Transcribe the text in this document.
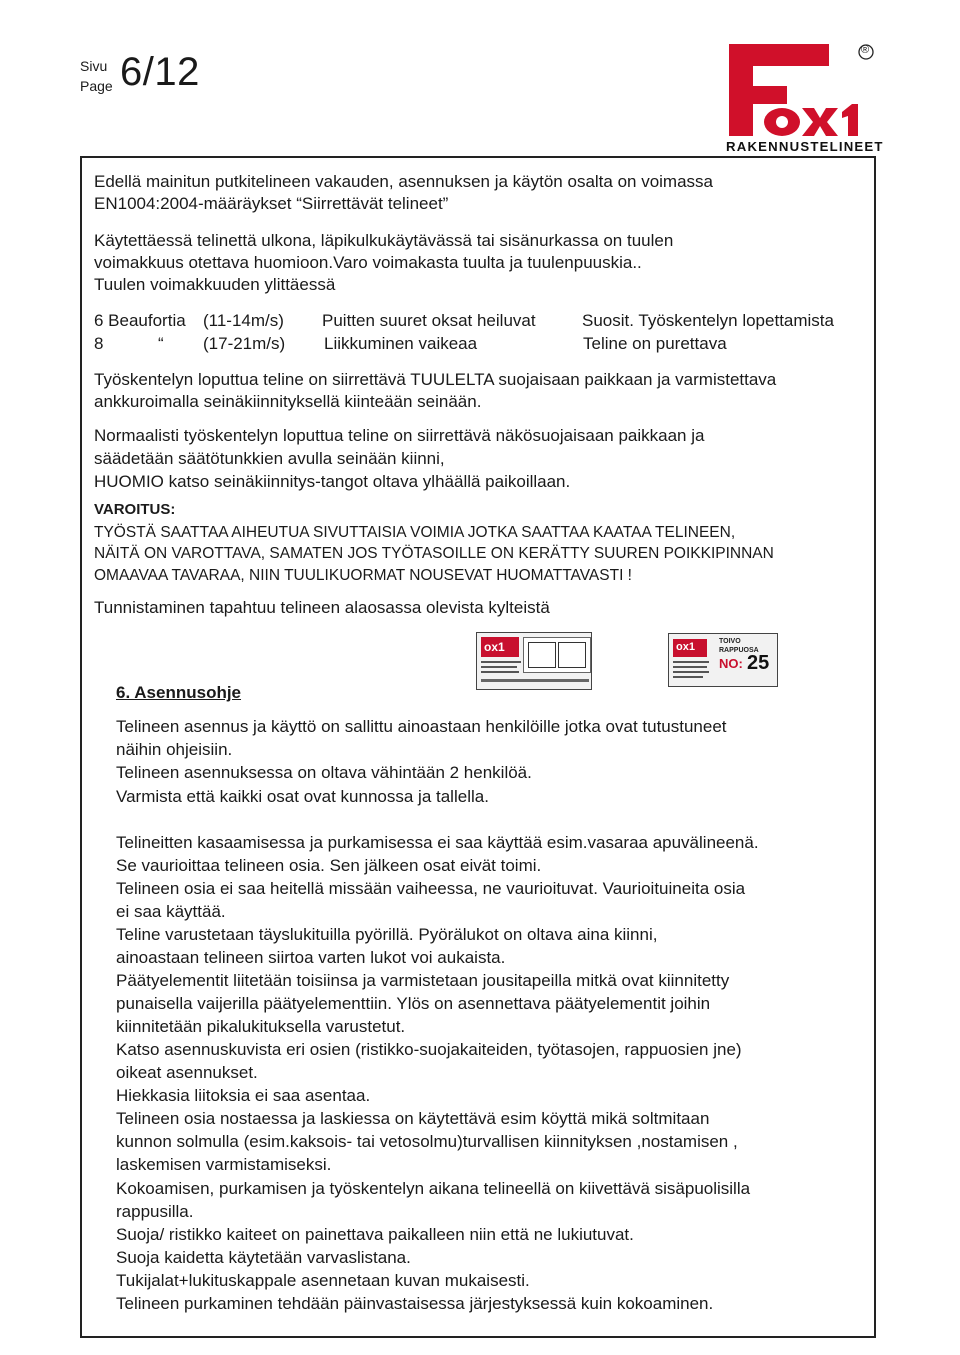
Sivu
Page 6/12	®
RAKENNUSTELINEET

Edellä mainitun putkitelineen vakauden, asennuksen ja käytön osalta on voimassa

EN1004:2004-määräykset “Siirrettävät telineet”

Käytettäessä telinettä ulkona, läpikulkukäytävässä tai sisänurkassa on tuulen

voimakkuus otettava huomioon.Varo voimakasta tuulta ja tuulenpuuskia..

Tuulen voimakkuuden ylittäessä

6 Beaufortia (11-14m/s) Puitten suuret oksat heiluvat	Suosit. Työskentelyn lopettamista
8	“ (17-21m/s) Liikkuminen vaikeaa	Teline on purettava

Työskentelyn loputtua teline on siirrettävä TUULELTA suojaisaan paikkaan ja varmistettava

ankkuroimalla seinäkiinnityksellä kiinteään seinään.

Normaalisti työskentelyn loputtua teline on siirrettävä näkösuojaisaan paikkaan ja

säädetään säätötunkkien avulla seinään kiinni,

HUOMIO katso seinäkiinnitys-tangot oltava ylhäällä paikoillaan.

VAROITUS:

TYÖSTÄ SAATTAA AIHEUTUA SIVUTTAISIA VOIMIA JOTKA SAATTAA KAATAA TELINEEN,

NÄITÄ ON VAROTTAVA, SAMATEN JOS TYÖTASOILLE ON KERÄTTY SUUREN POIKKIPINNAN

OMAAVAA TAVARAA, NIIN TUULIKUORMAT NOUSEVAT HUOMATTAVASTI !

Tunnistaminen tapahtuu telineen alaosassa olevista kylteistä

ox1	ox1	TOIVO
RAPPUOSA
NO: 25

6. Asennusohje

Telineen asennus ja käyttö on sallittu ainoastaan henkilöille jotka ovat tutustuneet

näihin ohjeisiin.

Telineen asennuksessa on oltava vähintään 2 henkilöä.

Varmista että kaikki osat ovat kunnossa ja tallella.

Telineitten kasaamisessa ja purkamisessa ei saa käyttää esim.vasaraa apuvälineenä.

Se vaurioittaa telineen osia. Sen jälkeen osat eivät toimi.

Telineen osia ei saa heitellä missään vaiheessa, ne vaurioituvat. Vaurioituineita osia

ei saa käyttää.

Teline varustetaan täyslukituilla pyörillä. Pyörälukot on oltava aina kiinni,

ainoastaan telineen siirtoa varten lukot voi aukaista.

Päätyelementit liitetään toisiinsa ja varmistetaan jousitapeilla mitkä ovat kiinnitetty

punaisella vaijerilla päätyelementtiin. Ylös on asennettava päätyelementit joihin

kiinnitetään pikalukituksella varustetut.

Katso asennuskuvista eri osien (ristikko-suojakaiteiden, työtasojen, rappuosien jne)

oikeat asennukset.

Hiekkasia liitoksia ei saa asentaa.

Telineen osia nostaessa ja laskiessa on käytettävä esim köyttä mikä soltmitaan

kunnon solmulla (esim.kaksois- tai vetosolmu)turvallisen kiinnityksen ,nostamisen ,

laskemisen varmistamiseksi.

Kokoamisen, purkamisen ja työskentelyn aikana telineellä on kiivettävä sisäpuolisilla

rappusilla.

Suoja/ ristikko kaiteet on painettava paikalleen niin että ne lukiutuvat.

Suoja kaidetta käytetään varvaslistana.

Tukijalat+lukituskappale asennetaan kuvan mukaisesti.

Telineen purkaminen tehdään päinvastaisessa järjestyksessä kuin kokoaminen.
